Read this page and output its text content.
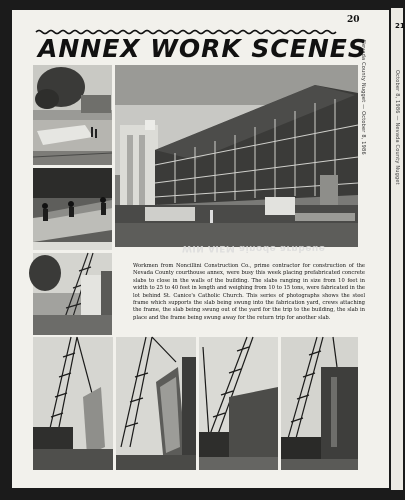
21
October 8, 1986 — Nevada County Nugget
20
Nevada County Nugget — October 8, 1986
ANNEX WORK SCENES
WIN AIEM ainode arnbeue
Workmen from Noncillini Construction Co., prime contractor for construction of the Nevada County courthouse annex, were busy this week placing prefabricated concrete slabs to close in the walls of the building. The slabs ranging in size from 10 feet in width to 25 to 40 feet in length and weighing from 10 to 15 tons, were fabricated in the lot behind St. Canice's Catholic Church. This series of photographs shows the steel frame which supports the slab being swung into the fabrication yard, crews attaching the frame, the slab being swung out of the yard for the trip to the building, the slab in place and the frame being swung away for the return trip for another slab.
